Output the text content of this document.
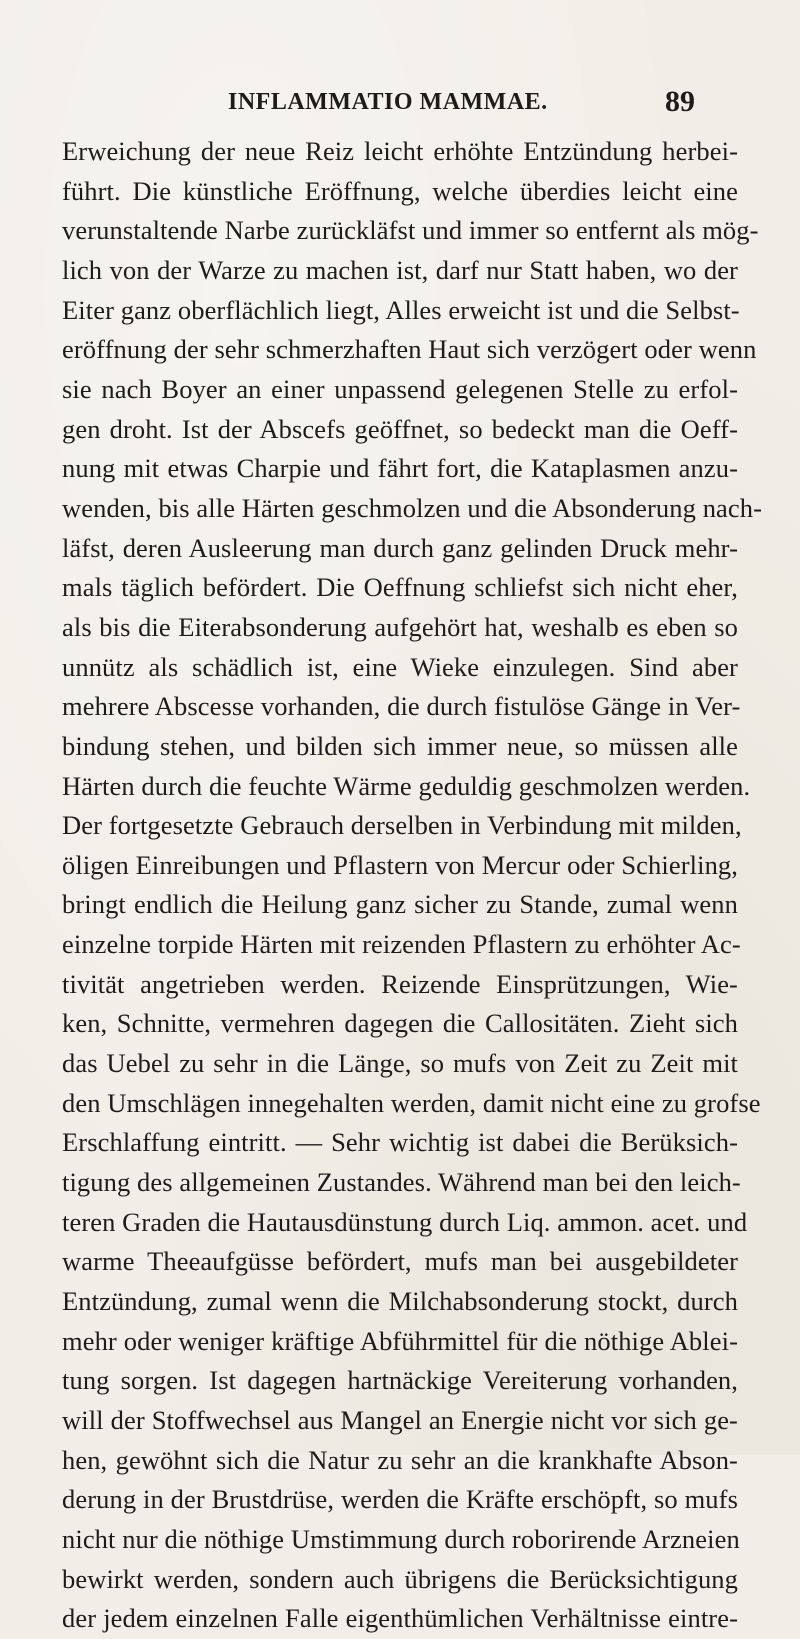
INFLAMMATIO MAMMAE.	89
Erweichung der neue Reiz leicht erhöhte Entzündung herbei-
führt. Die künstliche Eröffnung, welche überdies leicht eine
verunstaltende Narbe zurückläfst und immer so entfernt als mög-
lich von der Warze zu machen ist, darf nur Statt haben, wo der
Eiter ganz oberflächlich liegt, Alles erweicht ist und die Selbst-
eröffnung der sehr schmerzhaften Haut sich verzögert oder wenn
sie nach Boyer an einer unpassend gelegenen Stelle zu erfol-
gen droht. Ist der Abscefs geöffnet, so bedeckt man die Oeff-
nung mit etwas Charpie und fährt fort, die Kataplasmen anzu-
wenden, bis alle Härten geschmolzen und die Absonderung nach-
läfst, deren Ausleerung man durch ganz gelinden Druck mehr-
mals täglich befördert. Die Oeffnung schliefst sich nicht eher,
als bis die Eiterabsonderung aufgehört hat, weshalb es eben so
unnütz als schädlich ist, eine Wieke einzulegen. Sind aber
mehrere Abscesse vorhanden, die durch fistulöse Gänge in Ver-
bindung stehen, und bilden sich immer neue, so müssen alle
Härten durch die feuchte Wärme geduldig geschmolzen werden.
Der fortgesetzte Gebrauch derselben in Verbindung mit milden,
öligen Einreibungen und Pflastern von Mercur oder Schierling,
bringt endlich die Heilung ganz sicher zu Stande, zumal wenn
einzelne torpide Härten mit reizenden Pflastern zu erhöhter Ac-
tivität angetrieben werden. Reizende Einsprützungen, Wie-
ken, Schnitte, vermehren dagegen die Callositäten. Zieht sich
das Uebel zu sehr in die Länge, so mufs von Zeit zu Zeit mit
den Umschlägen innegehalten werden, damit nicht eine zu grofse
Erschlaffung eintritt. — Sehr wichtig ist dabei die Berüksich-
tigung des allgemeinen Zustandes. Während man bei den leich-
teren Graden die Hautausdünstung durch Liq. ammon. acet. und
warme Theeaufgüsse befördert, mufs man bei ausgebildeter
Entzündung, zumal wenn die Milchabsonderung stockt, durch
mehr oder weniger kräftige Abführmittel für die nöthige Ablei-
tung sorgen. Ist dagegen hartnäckige Vereiterung vorhanden,
will der Stoffwechsel aus Mangel an Energie nicht vor sich ge-
hen, gewöhnt sich die Natur zu sehr an die krankhafte Abson-
derung in der Brustdrüse, werden die Kräfte erschöpft, so mufs
nicht nur die nöthige Umstimmung durch roborirende Arzneien
bewirkt werden, sondern auch übrigens die Berücksichtigung
der jedem einzelnen Falle eigenthümlichen Verhältnisse eintre-
